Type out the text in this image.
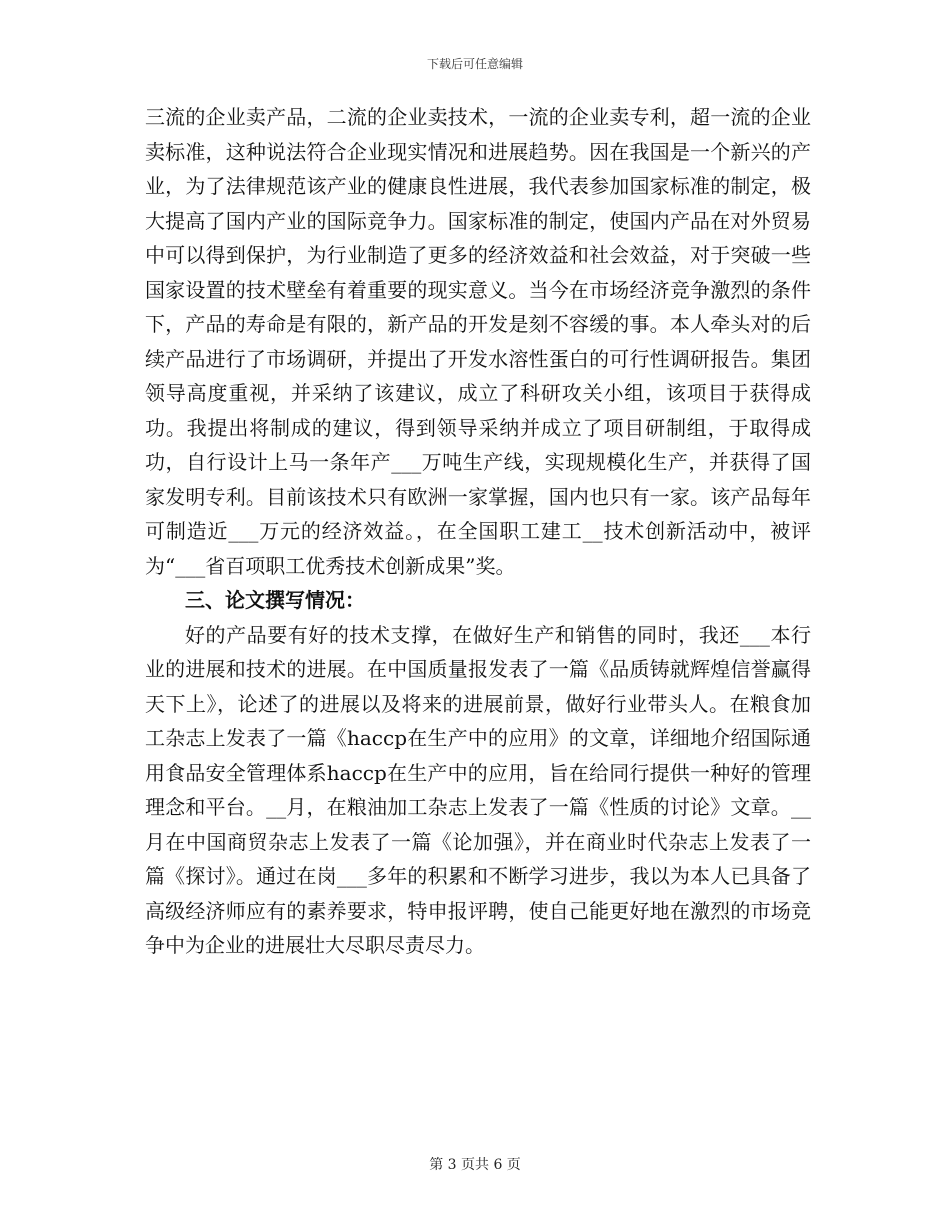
下载后可任意编辑

三流的企业卖产品，二流的企业卖技术，一流的企业卖专利，超一流的企业卖标准，这种说法符合企业现实情况和进展趋势。因在我国是一个新兴的产业，为了法律规范该产业的健康良性进展，我代表参加国家标准的制定，极大提高了国内产业的国际竞争力。国家标准的制定，使国内产品在对外贸易中可以得到保护，为行业制造了更多的经济效益和社会效益，对于突破一些国家设置的技术壁垒有着重要的现实意义。当今在市场经济竞争激烈的条件下，产品的寿命是有限的，新产品的开发是刻不容缓的事。本人牵头对的后续产品进行了市场调研，并提出了开发水溶性蛋白的可行性调研报告。集团领导高度重视，并采纳了该建议，成立了科研攻关小组，该项目于获得成功。我提出将制成的建议，得到领导采纳并成立了项目研制组，于取得成功，自行设计上马一条年产___万吨生产线，实现规模化生产，并获得了国家发明专利。目前该技术只有欧洲一家掌握，国内也只有一家。该产品每年可制造近___万元的经济效益。，在全国职工建工__技术创新活动中，被评为“___省百项职工优秀技术创新成果”奖。

三、论文撰写情况：

好的产品要有好的技术支撑，在做好生产和销售的同时，我还___本行业的进展和技术的进展。在中国质量报发表了一篇《品质铸就辉煌信誉赢得天下上》，论述了的进展以及将来的进展前景，做好行业带头人。在粮食加工杂志上发表了一篇《haccp在生产中的应用》的文章，详细地介绍国际通用食品安全管理体系haccp在生产中的应用，旨在给同行提供一种好的管理理念和平台。__月，在粮油加工杂志上发表了一篇《性质的讨论》文章。__月在中国商贸杂志上发表了一篇《论加强》，并在商业时代杂志上发表了一篇《探讨》。通过在岗___多年的积累和不断学习进步，我以为本人已具备了高级经济师应有的素养要求，特申报评聘，使自己能更好地在激烈的市场竞争中为企业的进展壮大尽职尽责尽力。

第 3 页共 6 页
